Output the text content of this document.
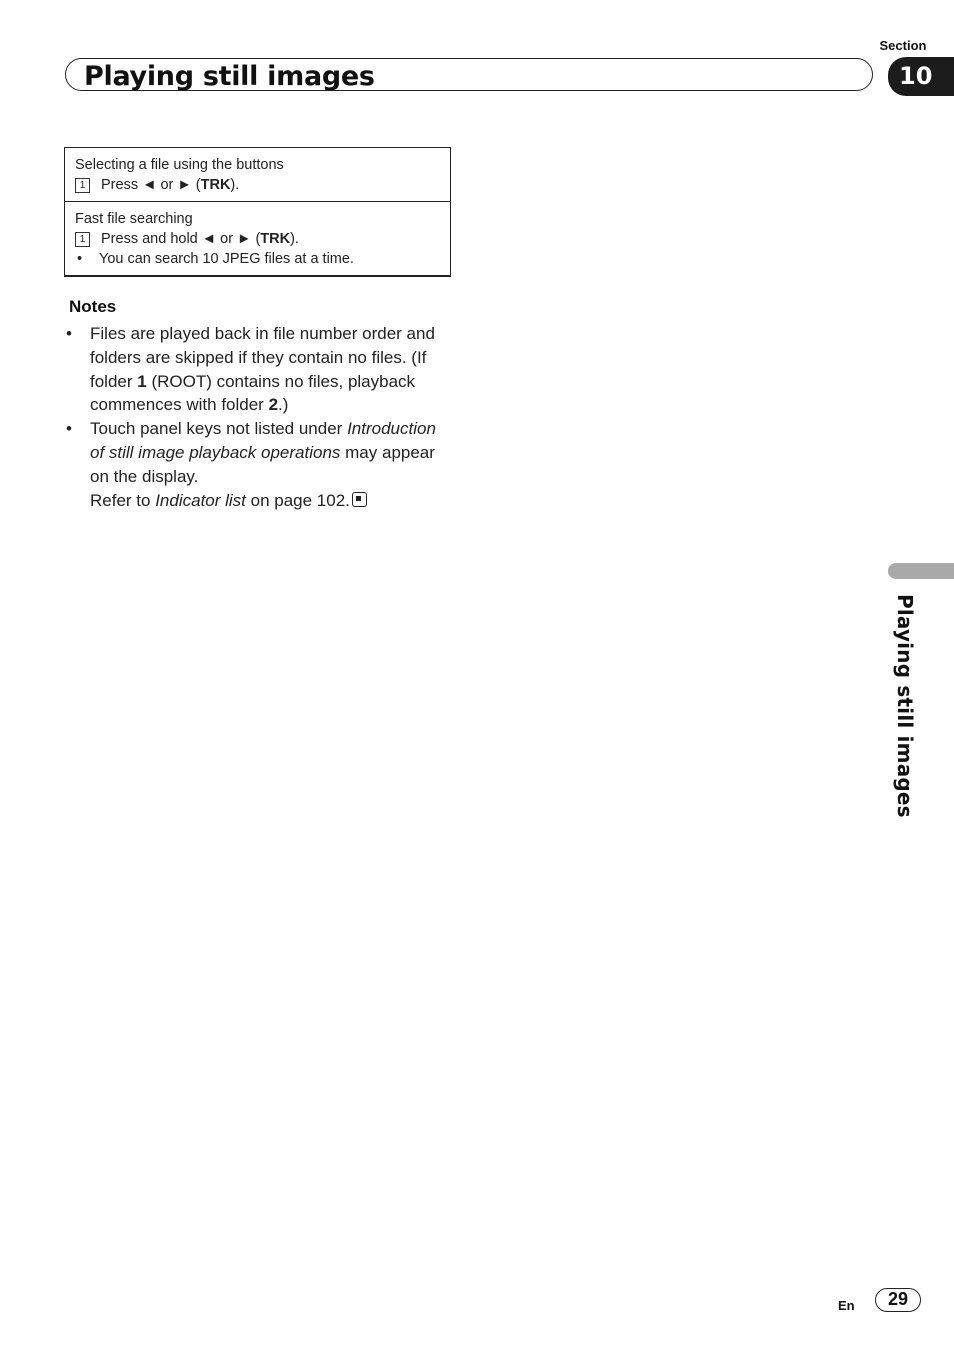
Section
Playing still images	10
Selecting a file using the buttons
1 Press ◄ or ► (TRK).
Fast file searching
1 Press and hold ◄ or ► (TRK).
• You can search 10 JPEG files at a time.
Notes
• Files are played back in file number order and folders are skipped if they contain no files. (If folder 1 (ROOT) contains no files, playback commences with folder 2.)
• Touch panel keys not listed under Introduction of still image playback operations may appear on the display.
Refer to Indicator list on page 102.
Playing still images
En	29
